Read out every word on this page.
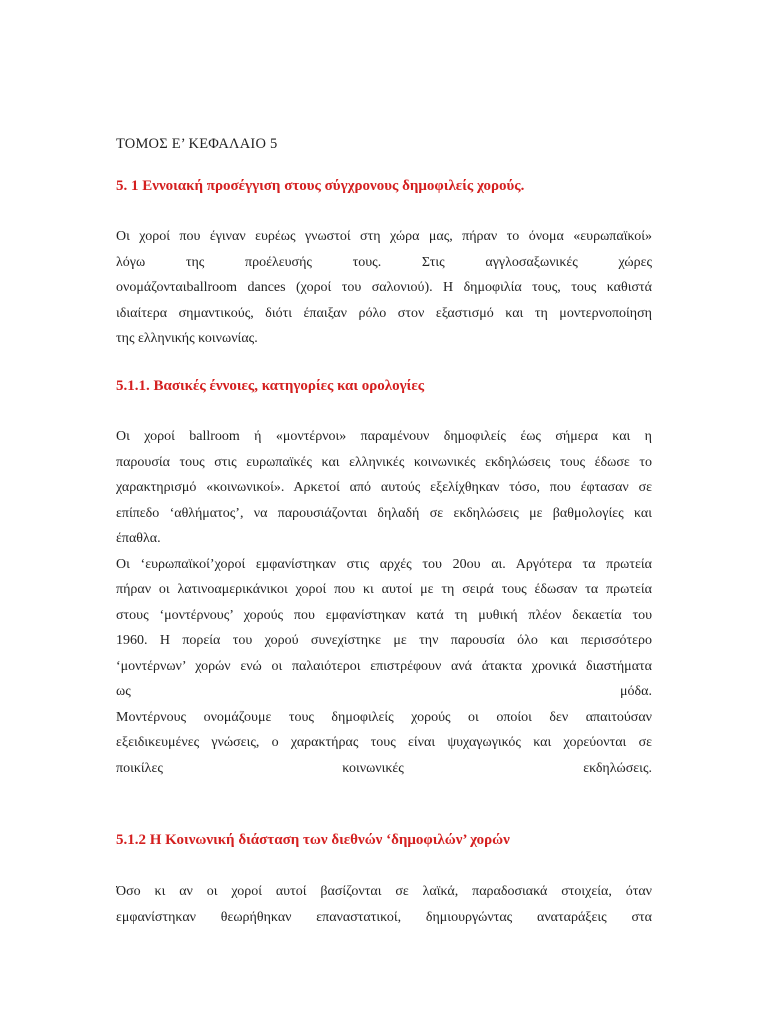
ΤΟΜΟΣ Ε’ ΚΕΦΑΛΑΙΟ 5
5. 1 Εννοιακή προσέγγιση στους σύγχρονους δημοφιλείς χορούς.
Οι χοροί που έγιναν ευρέως γνωστοί στη χώρα μας, πήραν το όνομα «ευρωπαϊκοί»
λόγω της προέλευσής τους. Στις αγγλοσαξωνικές χώρες
ονομάζονταιballroom dances (χοροί του σαλονιού). Η δημοφιλία τους, τους καθιστά
ιδιαίτερα σημαντικούς, διότι έπαιξαν ρόλο στον εξαστισμό και τη μοντερνοποίηση
της ελληνικής κοινωνίας.
5.1.1. Βασικές έννοιες, κατηγορίες και ορολογίες
Οι χοροί ballroom ή «μοντέρνοι» παραμένουν δημοφιλείς έως σήμερα και η
παρουσία τους στις ευρωπαϊκές και ελληνικές κοινωνικές εκδηλώσεις τους έδωσε το
χαρακτηρισμό «κοινωνικοί». Αρκετοί από αυτούς εξελίχθηκαν τόσο, που έφτασαν σε
επίπεδο ‘αθλήματος’, να παρουσιάζονται δηλαδή σε εκδηλώσεις με βαθμολογίες και
έπαθλα.
Οι ‘ευρωπαϊκοί’χοροί εμφανίστηκαν στις αρχές του 20ου αι. Αργότερα τα πρωτεία
πήραν οι λατινοαμερικάνικοι χοροί που κι αυτοί με τη σειρά τους έδωσαν τα πρωτεία
στους ‘μοντέρνους’ χορούς που εμφανίστηκαν κατά τη μυθική πλέον δεκαετία του
1960. Η πορεία του χορού συνεχίστηκε με την παρουσία όλο και περισσότερο
‘μοντέρνων’ χορών ενώ οι παλαιότεροι επιστρέφουν ανά άτακτα χρονικά διαστήματα
ως μόδα.
Μοντέρνους ονομάζουμε τους δημοφιλείς χορούς οι οποίοι δεν απαιτούσαν
εξειδικευμένες γνώσεις, ο χαρακτήρας τους είναι ψυχαγωγικός και χορεύονται σε
ποικίλες κοινωνικές εκδηλώσεις.
5.1.2 Η Κοινωνική διάσταση των διεθνών ‘δημοφιλών’ χορών
Όσο κι αν οι χοροί αυτοί βασίζονται σε λαϊκά, παραδοσιακά στοιχεία, όταν
εμφανίστηκαν θεωρήθηκαν επαναστατικοί, δημιουργώντας αναταράξεις στα
